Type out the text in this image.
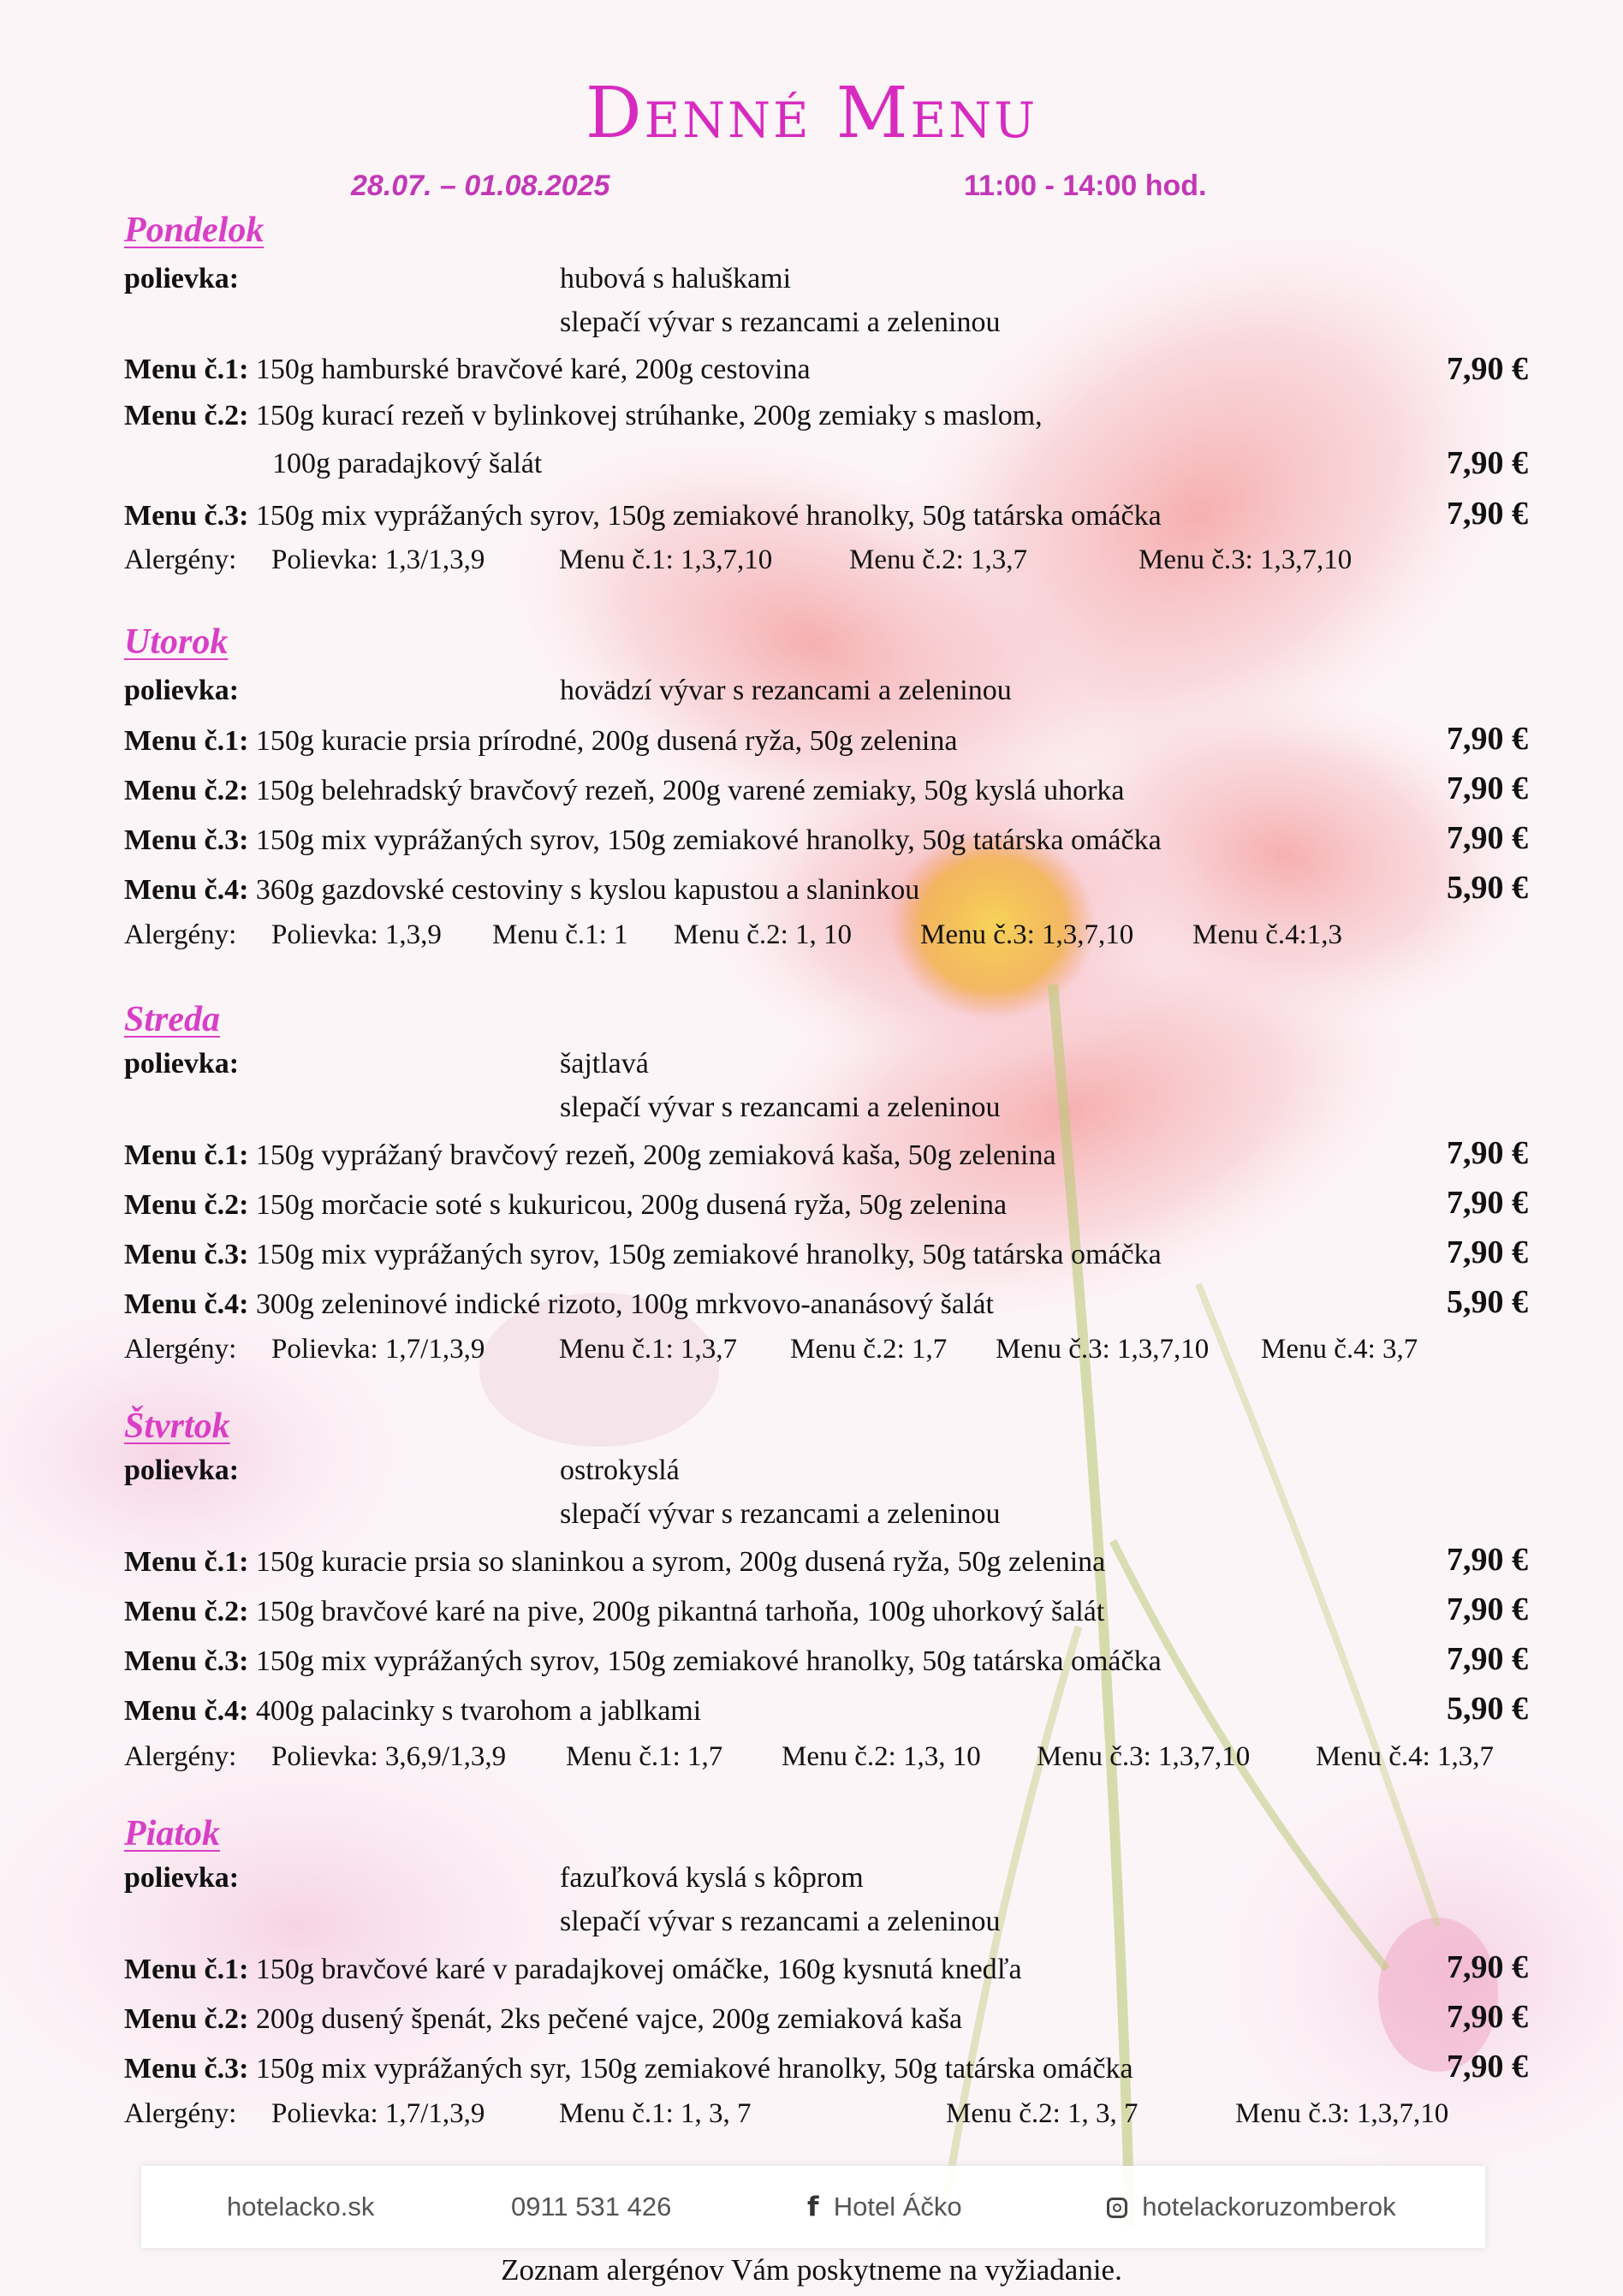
Denné Menu
28.07. – 01.08.2025	11:00 - 14:00 hod.
Pondelok
polievka:	hubová s haluškami
slepačí vývar s rezancami a zeleninou
Menu č.1: 150g hamburské bravčové karé, 200g cestovina	7,90 €
Menu č.2: 150g kurací rezeň v bylinkovej strúhanke, 200g zemiaky s maslom,
100g paradajkový šalát	7,90 €
Menu č.3: 150g mix vyprážaných syrov, 150g zemiakové hranolky, 50g tatárska omáčka	7,90 €
Alergény: Polievka: 1,3/1,3,9	Menu č.1: 1,3,7,10	Menu č.2: 1,3,7	Menu č.3: 1,3,7,10
Utorok
polievka:	hovädzí vývar s rezancami a zeleninou
Menu č.1: 150g kuracie prsia prírodné, 200g dusená ryža, 50g zelenina	7,90 €
Menu č.2: 150g belehradský bravčový rezeň, 200g varené zemiaky, 50g kyslá uhorka	7,90 €
Menu č.3: 150g mix vyprážaných syrov, 150g zemiakové hranolky, 50g tatárska omáčka	7,90 €
Menu č.4: 360g gazdovské cestoviny s kyslou kapustou a slaninkou	5,90 €
Alergény: Polievka: 1,3,9 Menu č.1: 1 Menu č.2: 1, 10 Menu č.3: 1,3,7,10 Menu č.4:1,3
Streda
polievka:	šajtlavá
slepačí vývar s rezancami a zeleninou
Menu č.1: 150g vyprážaný bravčový rezeň, 200g zemiaková kaša, 50g zelenina	7,90 €
Menu č.2: 150g morčacie soté s kukuricou, 200g dusená ryža, 50g zelenina	7,90 €
Menu č.3: 150g mix vyprážaných syrov, 150g zemiakové hranolky, 50g tatárska omáčka	7,90 €
Menu č.4: 300g zeleninové indické rizoto, 100g mrkvovo-ananásový šalát	5,90 €
Alergény: Polievka: 1,7/1,3,9	Menu č.1: 1,3,7 Menu č.2: 1,7 Menu č.3: 1,3,7,10 Menu č.4: 3,7
Štvrtok
polievka:	ostrokyslá
slepačí vývar s rezancami a zeleninou
Menu č.1: 150g kuracie prsia so slaninkou a syrom, 200g dusená ryža, 50g zelenina	7,90 €
Menu č.2: 150g bravčové karé na pive, 200g pikantná tarhoňa, 100g uhorkový šalát	7,90 €
Menu č.3: 150g mix vyprážaných syrov, 150g zemiakové hranolky, 50g tatárska omáčka	7,90 €
Menu č.4: 400g palacinky s tvarohom a jablkami	5,90 €
Alergény: Polievka: 3,6,9/1,3,9 Menu č.1: 1,7 Menu č.2: 1,3, 10 Menu č.3: 1,3,7,10 Menu č.4: 1,3,7
Piatok
polievka:	fazuľková kyslá s kôprom
slepačí vývar s rezancami a zeleninou
Menu č.1: 150g bravčové karé v paradajkovej omáčke, 160g kysnutá knedľa	7,90 €
Menu č.2: 200g dusený špenát, 2ks pečené vajce, 200g zemiaková kaša	7,90 €
Menu č.3: 150g mix vyprážaných syr, 150g zemiakové hranolky, 50g tatárska omáčka	7,90 €
Alergény: Polievka: 1,7/1,3,9	Menu č.1: 1, 3, 7	Menu č.2: 1, 3, 7	Menu č.3: 1,3,7,10
hotelacko.sk	0911 531 426	f Hotel Áčko	hotelackoruzomberok
Zoznam alergénov Vám poskytneme na vyžiadanie.
